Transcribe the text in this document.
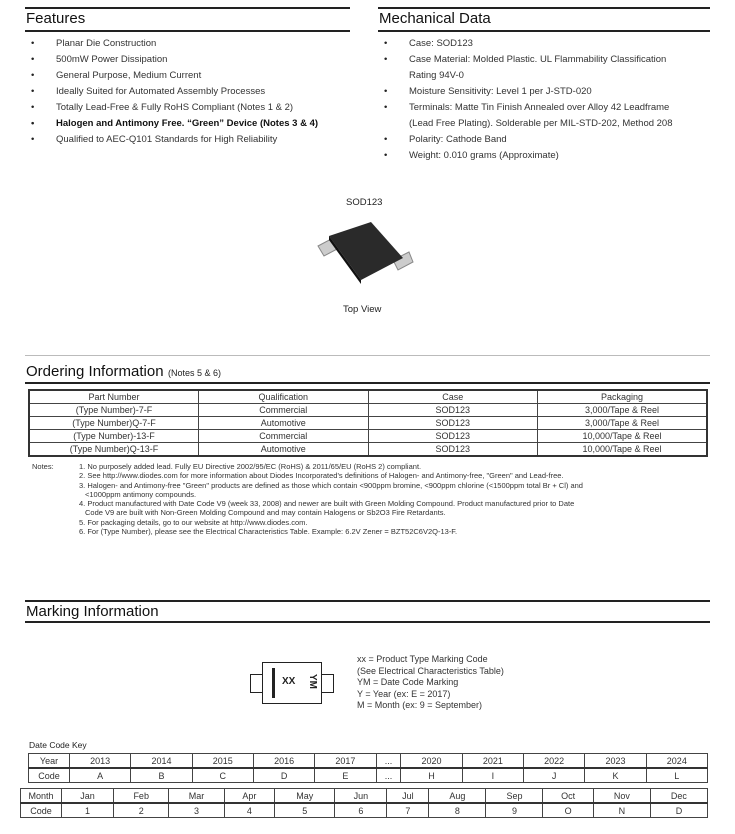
Features
• Planar Die Construction
• 500mW Power Dissipation
• General Purpose, Medium Current
• Ideally Suited for Automated Assembly Processes
• Totally Lead-Free & Fully RoHS Compliant (Notes 1 & 2)
• Halogen and Antimony Free. “Green” Device (Notes 3 & 4)
• Qualified to AEC-Q101 Standards for High Reliability
Mechanical Data
• Case: SOD123
• Case Material: Molded Plastic. UL Flammability Classification
Rating 94V-0
• Moisture Sensitivity: Level 1 per J-STD-020
• Terminals: Matte Tin Finish Annealed over Alloy 42 Leadframe
(Lead Free Plating). Solderable per MIL-STD-202, Method 208
• Polarity: Cathode Band
• Weight: 0.010 grams (Approximate)
SOD123
Top View
Ordering Information (Notes 5 & 6)
Part Number	Qualification	Case	Packaging
(Type Number)-7-F	Commercial	SOD123	3,000/Tape & Reel
(Type Number)Q-7-F	Automotive	SOD123	3,000/Tape & Reel
(Type Number)-13-F	Commercial	SOD123	10,000/Tape & Reel
(Type Number)Q-13-F	Automotive	SOD123	10,000/Tape & Reel
Notes:	1. No purposely added lead. Fully EU Directive 2002/95/EC (RoHS) & 2011/65/EU (RoHS 2) compliant.
2. See http://www.diodes.com for more information about Diodes Incorporated's definitions of Halogen- and Antimony-free, "Green" and Lead-free.
3. Halogen- and Antimony-free "Green" products are defined as those which contain <900ppm bromine, <900ppm chlorine (<1500ppm total Br + Cl) and
<1000ppm antimony compounds.
4. Product manufactured with Date Code V9 (week 33, 2008) and newer are built with Green Molding Compound. Product manufactured prior to Date
Code V9 are built with Non-Green Molding Compound and may contain Halogens or Sb2O3 Fire Retardants.
5. For packaging details, go to our website at http://www.diodes.com.
6. For (Type Number), please see the Electrical Characteristics Table. Example: 6.2V Zener = BZT52C6V2Q-13-F.
Marking Information
XX YM
xx = Product Type Marking Code
(See Electrical Characteristics Table)
YM = Date Code Marking
Y = Year (ex: E = 2017)
M = Month (ex: 9 = September)
Date Code Key
Year	2013	2014	2015	2016	2017	...	2020	2021	2022	2023	2024
Code	A	B	C	D	E	...	H	I	J	K	L
Month	Jan	Feb	Mar	Apr	May	Jun	Jul	Aug	Sep	Oct	Nov	Dec
Code	1	2	3	4	5	6	7	8	9	O	N	D
